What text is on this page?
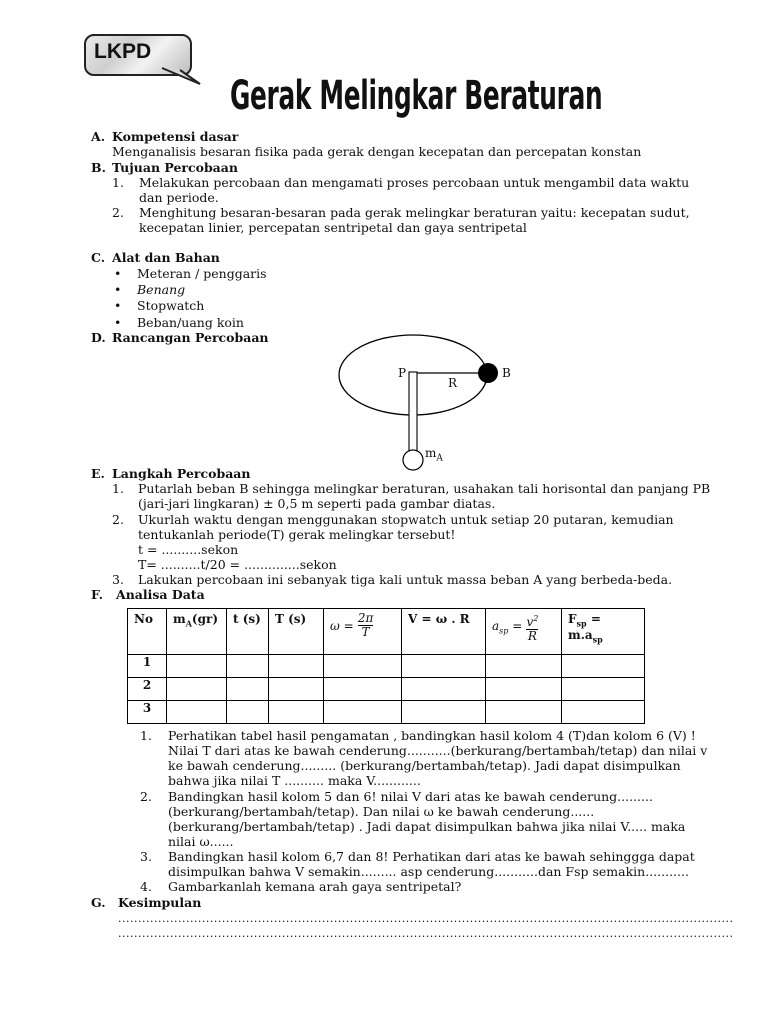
LKPD
Gerak Melingkar Beraturan
A. Kompetensi dasar
Menganalisis besaran fisika pada gerak dengan kecepatan dan percepatan konstan
B. Tujuan Percobaan
1. Melakukan percobaan dan mengamati proses percobaan untuk mengambil data waktu
dan periode.
2. Menghitung besaran-besaran pada gerak melingkar beraturan yaitu: kecepatan sudut,
kecepatan linier, percepatan sentripetal dan gaya sentripetal
C. Alat dan Bahan
• Meteran / penggaris
• Benang
• Stopwatch
• Beban/uang koin
D. Rancangan Percobaan
P	B
R
$m_A$
E. Langkah Percobaan
1. Putarlah beban B sehingga melingkar beraturan, usahakan tali horisontal dan panjang PB
(jari-jari lingkaran) ± 0,5 m seperti pada gambar diatas.
2. Ukurlah waktu dengan menggunakan stopwatch untuk setiap 20 putaran, kemudian
tentukanlah periode(T) gerak melingkar tersebut!
t = ..........sekon
T= ..........t/20 = ..............sekon
3. Lakukan percobaan ini sebanyak tiga kali untuk massa beban A yang berbeda-beda.
F. Analisa Data
No	$m_A(gr)$	t (s)	T (s)	$\omega = \frac{2\pi}{T}$	V = ω . R	$a_{sp} = \frac{v^2}{R}$	$F_{sp} = m.a_{sp}$
1							
2							
3							
1. Perhatikan tabel hasil pengamatan , bandingkan hasil kolom 4 (T)dan kolom 6 (V) !
Nilai T dari atas ke bawah cenderung...........(berkurang/bertambah/tetap) dan nilai v
ke bawah cenderung......... (berkurang/bertambah/tetap). Jadi dapat disimpulkan
bahwa jika nilai T .......... maka V............
2. Bandingkan hasil kolom 5 dan 6! nilai V dari atas ke bawah cenderung.........
(berkurang/bertambah/tetap). Dan nilai ω ke bawah cenderung......
(berkurang/bertambah/tetap) . Jadi dapat disimpulkan bahwa jika nilai V..... maka
nilai ω......
3. Bandingkan hasil kolom 6,7 dan 8! Perhatikan dari atas ke bawah sehinggga dapat
disimpulkan bahwa V semakin......... asp cenderung...........dan Fsp semakin...........
4. Gambarkanlah kemana arah gaya sentripetal?
G. Kesimpulan
..........................................................................................................................................................
..........................................................................................................................................................
